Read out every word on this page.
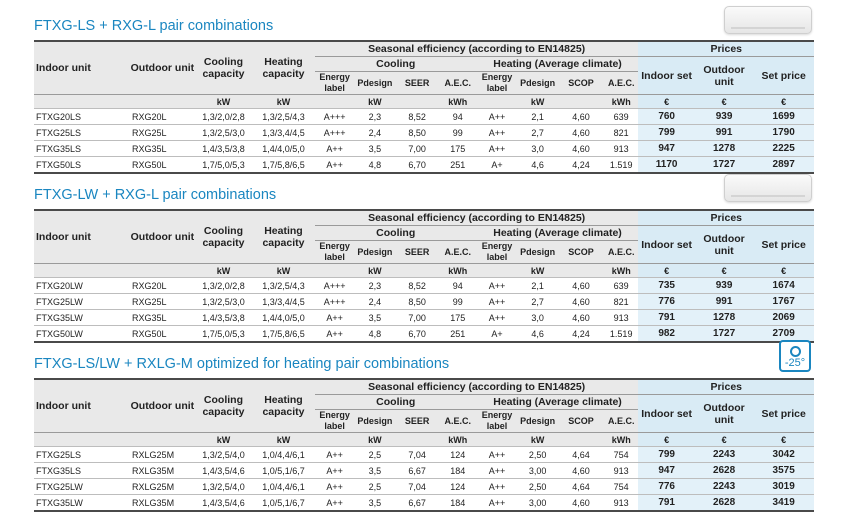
FTXG-LS + RXG-L pair combinations
Indoor unit	Outdoor unit	Cooling capacity	Heating capacity	Seasonal efficiency (according to EN14825)								Prices		
				Cooling				Heating (Average climate)				Indoor set	Outdoor unit	Set price
				Energy label	Pdesign	SEER	A.E.C.	Energy label	Pdesign	SCOP	A.E.C.			
		kW	kW		kW		kWh		kW		kWh	€	€	€
FTXG20LS	RXG20L	1,3/2,0/2,8	1,3/2,5/4,3	A+++	2,3	8,52	94	A++	2,1	4,60	639	760	939	1699
FTXG25LS	RXG25L	1,3/2,5/3,0	1,3/3,4/4,5	A+++	2,4	8,50	99	A++	2,7	4,60	821	799	991	1790
FTXG35LS	RXG35L	1,4/3,5/3,8	1,4/4,0/5,0	A++	3,5	7,00	175	A++	3,0	4,60	913	947	1278	2225
FTXG50LS	RXG50L	1,7/5,0/5,3	1,7/5,8/6,5	A++	4,8	6,70	251	A+	4,6	4,24	1.519	1170	1727	2897
FTXG-LW + RXG-L pair combinations
Indoor unit	Outdoor unit	Cooling capacity	Heating capacity	Seasonal efficiency (according to EN14825)								Prices		
				Cooling				Heating (Average climate)				Indoor set	Outdoor unit	Set price
				Energy label	Pdesign	SEER	A.E.C.	Energy label	Pdesign	SCOP	A.E.C.			
		kW	kW		kW		kWh		kW		kWh	€	€	€
FTXG20LW	RXG20L	1,3/2,0/2,8	1,3/2,5/4,3	A+++	2,3	8,52	94	A++	2,1	4,60	639	735	939	1674
FTXG25LW	RXG25L	1,3/2,5/3,0	1,3/3,4/4,5	A+++	2,4	8,50	99	A++	2,7	4,60	821	776	991	1767
FTXG35LW	RXG35L	1,4/3,5/3,8	1,4/4,0/5,0	A++	3,5	7,00	175	A++	3,0	4,60	913	791	1278	2069
FTXG50LW	RXG50L	1,7/5,0/5,3	1,7/5,8/6,5	A++	4,8	6,70	251	A+	4,6	4,24	1.519	982	1727	2709
FTXG-LS/LW + RXLG-M optimized for heating pair combinations	-25°
Indoor unit	Outdoor unit	Cooling capacity	Heating capacity	Seasonal efficiency (according to EN14825)								Prices		
				Cooling				Heating (Average climate)				Indoor set	Outdoor unit	Set price
				Energy label	Pdesign	SEER	A.E.C.	Energy label	Pdesign	SCOP	A.E.C.			
		kW	kW		kW		kWh		kW		kWh	€	€	€
FTXG25LS	RXLG25M	1,3/2,5/4,0	1,0/4,4/6,1	A++	2,5	7,04	124	A++	2,50	4,64	754	799	2243	3042
FTXG35LS	RXLG35M	1,4/3,5/4,6	1,0/5,1/6,7	A++	3,5	6,67	184	A++	3,00	4,60	913	947	2628	3575
FTXG25LW	RXLG25M	1,3/2,5/4,0	1,0/4,4/6,1	A++	2,5	7,04	124	A++	2,50	4,64	754	776	2243	3019
FTXG35LW	RXLG35M	1,4/3,5/4,6	1,0/5,1/6,7	A++	3,5	6,67	184	A++	3,00	4,60	913	791	2628	3419
